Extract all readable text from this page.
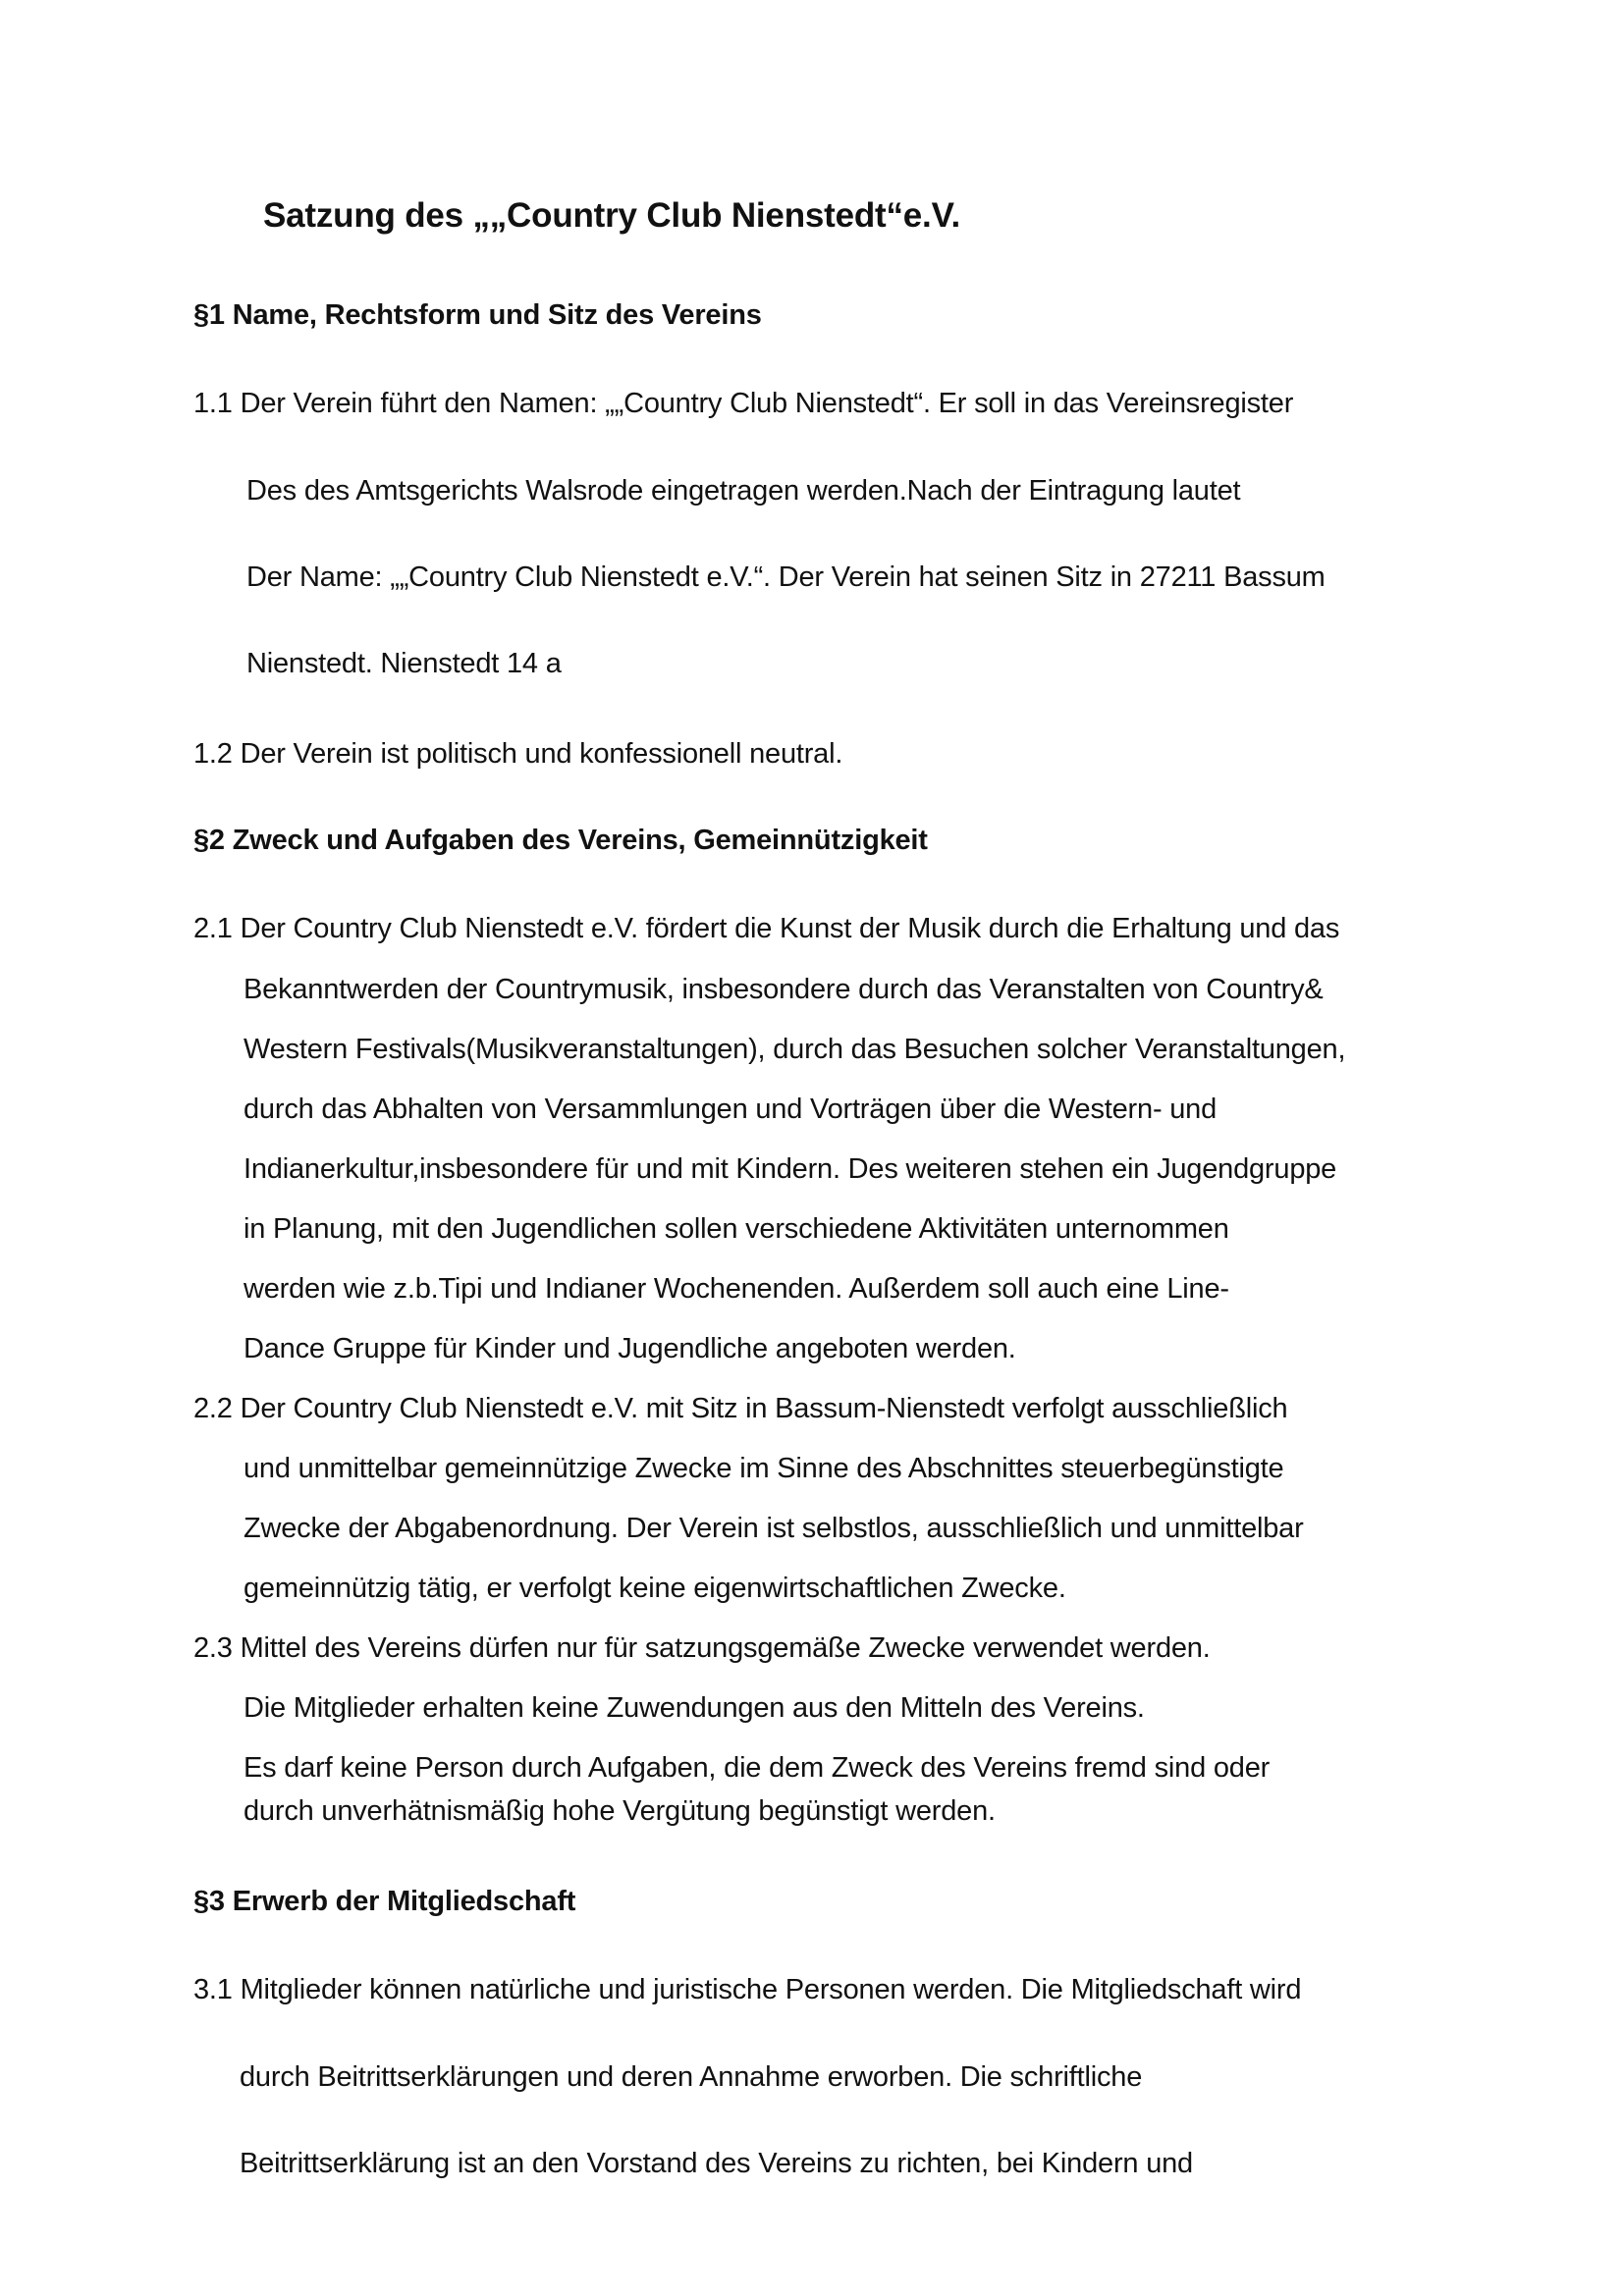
Satzung des „„Country Club Nienstedt“e.V.
§1 Name, Rechtsform und Sitz des Vereins
1.1 Der Verein führt den Namen: „„Country Club Nienstedt“. Er soll in das Vereinsregister
Des des Amtsgerichts Walsrode eingetragen werden.Nach der Eintragung lautet
Der Name: „„Country Club Nienstedt e.V.“. Der Verein hat seinen Sitz in 27211 Bassum
Nienstedt. Nienstedt 14 a
1.2 Der Verein ist politisch und konfessionell neutral.
§2 Zweck und Aufgaben des Vereins, Gemeinnützigkeit
2.1 Der Country Club Nienstedt e.V. fördert die Kunst der Musik durch die Erhaltung und das
Bekanntwerden der Countrymusik, insbesondere durch das Veranstalten von Country&
Western Festivals(Musikveranstaltungen), durch das Besuchen solcher Veranstaltungen,
durch das Abhalten von Versammlungen und Vorträgen über die Western- und
Indianerkultur,insbesondere für und mit Kindern. Des weiteren stehen ein Jugendgruppe
in Planung, mit den Jugendlichen sollen verschiedene Aktivitäten unternommen
werden wie z.b.Tipi und Indianer Wochenenden. Außerdem soll auch eine Line-
Dance Gruppe für Kinder und Jugendliche angeboten werden.
2.2 Der Country Club Nienstedt e.V. mit Sitz in Bassum-Nienstedt verfolgt ausschließlich
und unmittelbar gemeinnützige Zwecke im Sinne des Abschnittes steuerbegünstigte
Zwecke der Abgabenordnung. Der Verein ist selbstlos, ausschließlich und unmittelbar
gemeinnützig tätig, er verfolgt keine eigenwirtschaftlichen Zwecke.
2.3 Mittel des Vereins dürfen nur für satzungsgemäße Zwecke verwendet werden.
Die Mitglieder erhalten keine Zuwendungen aus den Mitteln des Vereins.
Es darf keine Person durch Aufgaben, die dem Zweck des Vereins fremd sind oder
durch unverhätnismäßig hohe Vergütung begünstigt werden.
§3 Erwerb der Mitgliedschaft
3.1 Mitglieder können natürliche und juristische Personen werden. Die Mitgliedschaft wird
durch Beitrittserklärungen und deren Annahme erworben. Die schriftliche
Beitrittserklärung ist an den Vorstand des Vereins zu richten, bei Kindern und
